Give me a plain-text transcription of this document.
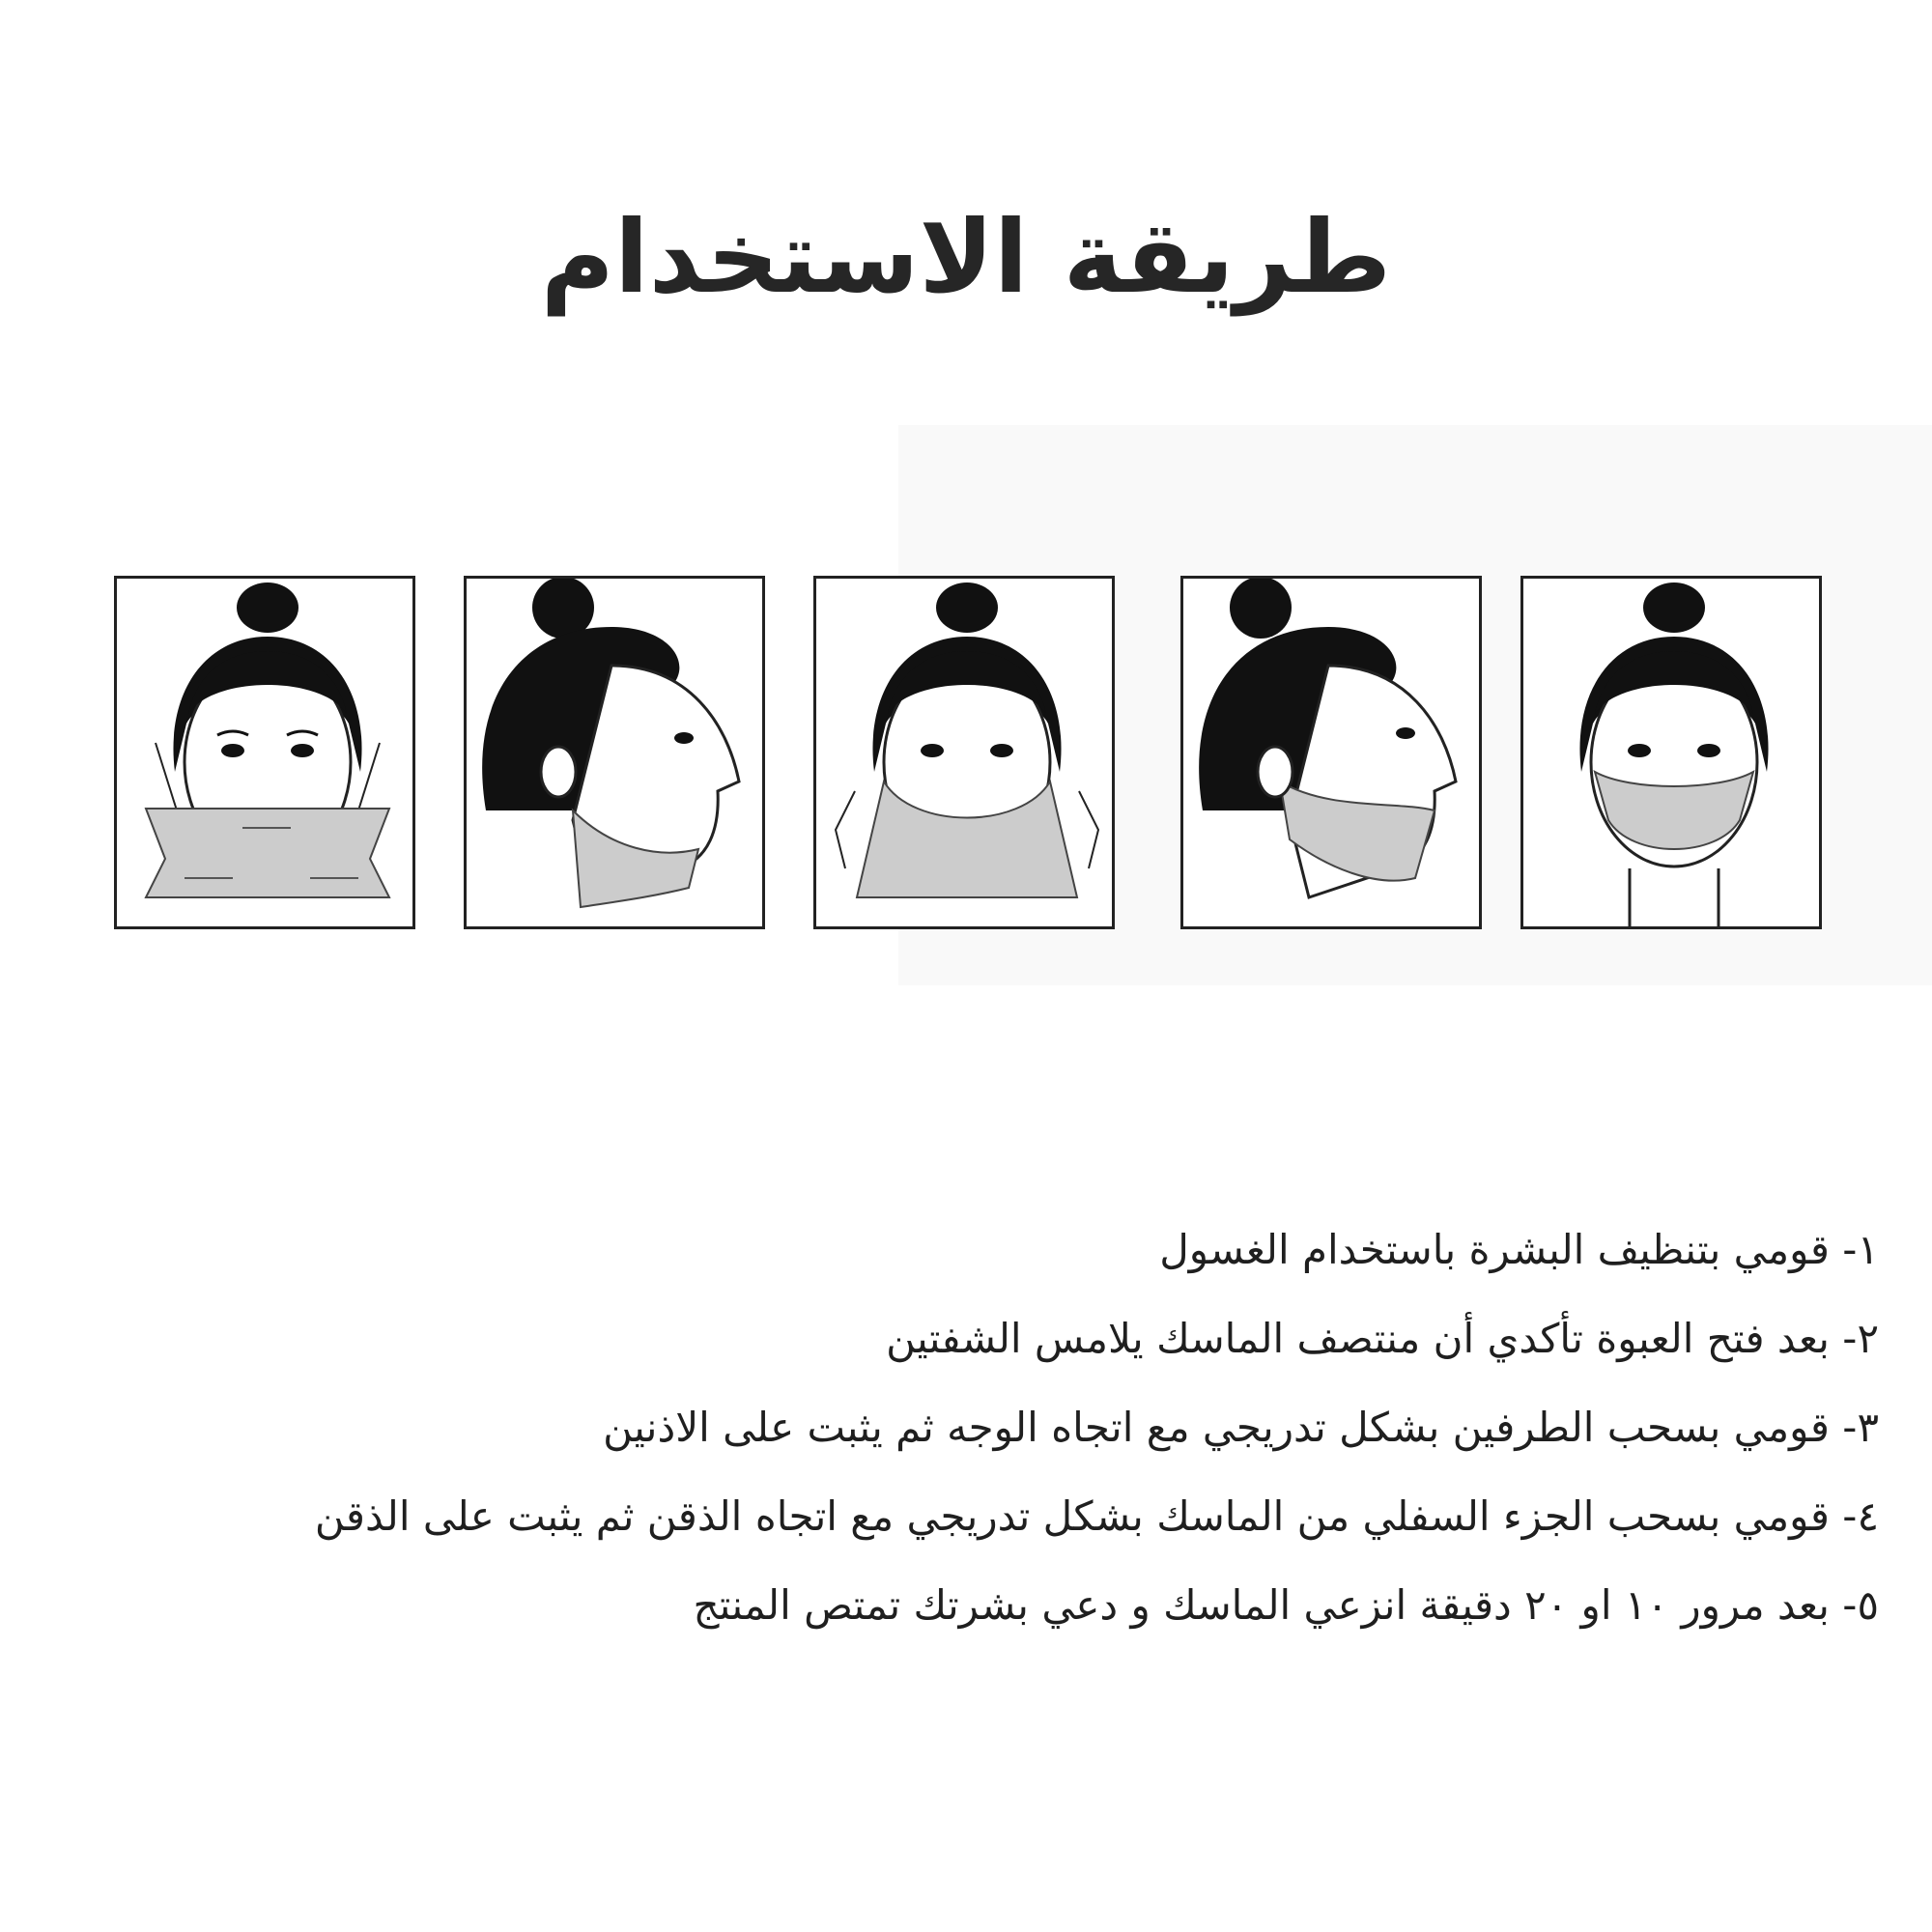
طريقة الاستخدام
١- قومي بتنظيف البشرة باستخدام الغسول
٢- بعد فتح العبوة تأكدي أن منتصف الماسك يلامس الشفتين
٣- قومي بسحب الطرفين بشكل تدريجي مع اتجاه الوجه ثم يثبت على الاذنين
٤- قومي بسحب الجزء السفلي من الماسك بشكل تدريجي مع اتجاه الذقن ثم يثبت على الذقن
٥- بعد مرور ١٠ او ٢٠ دقيقة انزعي الماسك و دعي بشرتك تمتص المنتج
